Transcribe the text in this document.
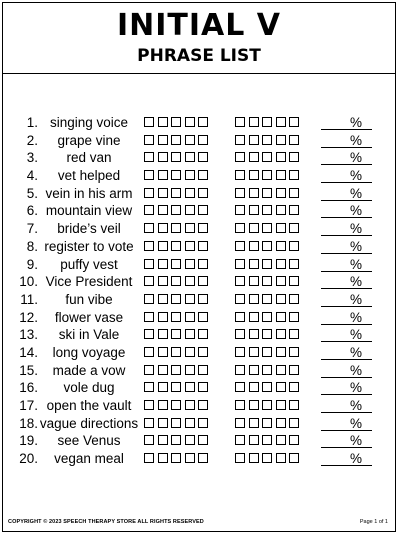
INITIAL V
PHRASE LIST
1. singing voice	%
2.	grape vine	%
3.	red van	%
4.	vet helped	%
5. vein in his arm	%
6. mountain view	%
7.	bride’s veil	%
8. register to vote	%
9.	puffy vest	%
10. Vice President	%
11.	fun vibe	%
12.	flower vase	%
13.	ski in Vale	%
14.	long voyage	%
15.	made a vow	%
16.	vole dug	%
17. open the vault	%
18. vague directions	%
19.	see Venus	%
20.	vegan meal	%
COPYRIGHT © 2023 SPEECH THERAPY STORE ALL RIGHTS RESERVED	Page 1 of 1
